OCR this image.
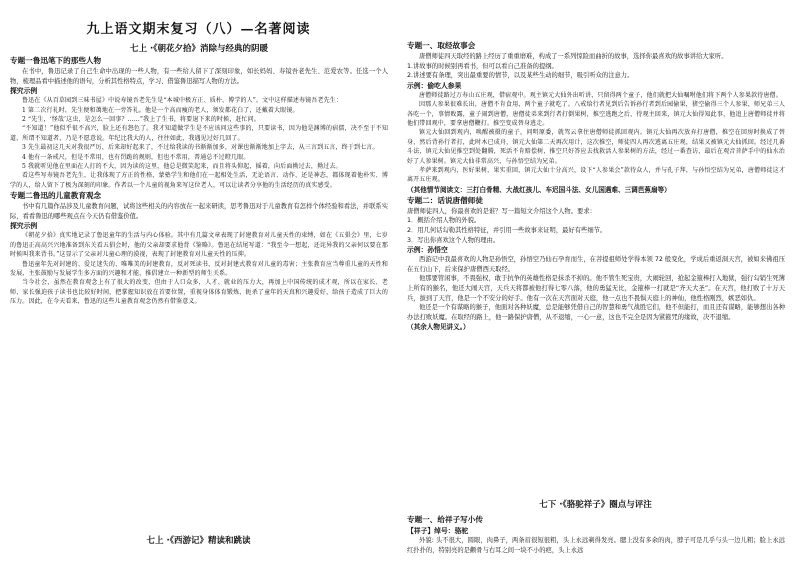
九上语文期末复习（八）—名著阅读
七上 ·《朝花夕拾》消除与经典的阴暖
专题一鲁迅笔下的那些人物

在书中，鲁迅记录了自己生命中出现的一些人物，有一些给人留下了深刻印象，如长妈妈、寿镜吾老先生、范爱农等。任选一个人物，梳理品看中描述他的语句，分析其性格特点，学习、借鉴鲁迅描写人物的方法。

探究示例

鲁迅在《从百草园到三味书屋》中说寿镜吾老先生是“本城中极方正、质朴、博学的人”。文中这样描述寿镜吾老先生：

1 第二次行礼时，先生便和蔼地在一旁答礼。他是一个高而瘦的老人，须发都花白了，还戴着大眼镜。

2 “先生，‘怪哉’这虫，是怎么一回事？……”我上了生书，将要退下来的时候，赶忙问。

“不知道！”他似乎很不高兴，脸上还有怒色了。我才知道做学生是不应该问这些事的，只要读书，因为他是渊博的宿儒，决不至于不知道，所谓不知道者，乃是不愿意说。年纪比我大的人，往往如此，我遇见过好几回了。

3 先生最初这几天对我很严厉，后来却好起来了，不过给我读的书渐渐加多，对课也渐渐地加上字去，从三言到五言，终于到七言。

4 他有一条戒尺，但是不常用，也有罚跪的规则，但也不常用，普通总不过瞪几眼。

5 我就听见他在里面在人打的不大，因为读的这里，他总是微笑起来，而且将头仰起，摇着，向后面拗过去，拗过去。

看这些写寿镜吾老先生，让我体现了方正的性格，蒙塾学生和他们在一起相处生活，无论语言、动作、还是神态，都体现着他朴实、博学的人，给人留下了极为深刻的印象。作者以一个儿童的视角来写这位老人，可以让读者分享他的生活经历的真实感受。

专题二鲁迅的儿童教育观念

书中有几篇作品涉及儿童教育问题，试将这些相关的内容放在一起来研读，思考鲁迅对于儿童教育有怎样个体经验和看法，并联系实际，看看鲁迅的哪些观点在今天仍有借鉴价值。

探究示例

《朝花夕拾》真实地记录了鲁迅童年的生活与内心体验。其中有几篇文章表现了封建教育对儿童天性的束缚，如在《五猖会》里，七岁的鲁迅正高高兴兴地准备到东关看五猖会时，他的父亲却要求他背《鉴略》。鲁迅在结尾写道：“我至今一想起，还诧异我的父亲何以要在那时候叫我来背书。”这显示了父亲对儿童心理的漠视，表现了封建教育对儿童天性的压抑。

鲁迅童年先对封建的、爱足迷失的、唯唯美的封建教育，反对死读书，反对封建式教育对儿童的毒害；主张教育应当尊重儿童的天性和发展，主张鼓励与发展学生多方面的兴趣和才能，推倡建立一种新型的师生关系。

当今社会，虽然在教育观念上有了很大的改变，但由于人口众多，人才、就业的压力大，再加上中国传统的成才观，所以在家长、老师、家长强迫孩子读书也比较好时间，把掌握知识放在首要位置，重视身体体育锻炼，扼杀了童年的天真和兴趣爱好，给孩子造成了巨大的压力。因此，在今天看来，鲁迅的这些儿童教育观念仍然有借鉴意义。

七上 ·《西游记》精读和跳读
专题一、取经故事会

唐僧师徒四天取经的路上经历了重重磨难，构成了一系列惊险而曲折的故事，选择你最喜欢的故事讲给大家听。

1.讲故事的时候别再看书，但可以看自己准备的提纲。

2.讲述要有条理，突出最重要的情节，以及某些生动的细节，吸引听众的注意力。

示例：偷吃人参果

唐僧师徒路过万寿山五庄观，借宿观中。观主镇元大仙外出听讲，只留得两个童子，他们就把大仙嘱咐他们将下两个人参果款待唐僧。

因那人参果很难长出，唐僧不肯食用，两个童子就吃了。八戒给行者见到后告诉孙行者到后园偷果，猪空偷得三个人参果，师兄弟三人各吃一个，事情败露，童子闹到唐僧，唐僧徒弟来到行者打倒果树，推空逃跑之后，待观主回来，镇元大仙得知此事，他追上唐僧师徒并将他们带回观中，要拿唐僧鞭打。推空变成替身逃走。

镇元大仙回到观内，唤醒被摄的童子，问明原委，就驾云拿住唐僧师徒抓回观内。镇元大仙再次放弃打唐僧，推空在回房时换成了替身，然后背孙行者打，此时木已成舟，镇元大仙第二天再次用计，这次推空，师徒四人再次逃离五庄观，结果又被镇元大仙抓回。经过几番斗法，镇元大仙见推空到处翻腾，死活不肯赔偿树，推空只好答应去找救活人参果树的方法，经过一番查访，最后在观音菩萨手中的仙水治好了人参果树。镇元大仙非常高兴，与孙悟空结为兄弟。

孝萨来到观内，医好果树，果实重回，镇元大仙十分高兴，设下“人参果会”款待众人，并与孔子拜，与孙悟空结为兄弟，唐僧师徒这才离开五庄观。

（其他情节阅读文：三打白骨精、大战红孩儿、车迟国斗法、女儿国遇难、三调芭蕉扇等）

专题二：话说唐僧师徒

唐僧师徒四人，你最喜欢的是谁？写一篇短文介绍这个人物。要求：

1．概括介绍人物的外貌。

2．用几何话勾勒其性格特征，并引用一些故事来证明，最好有些细节。

3．写出你喜欢这个人物的理由。

示例：孙悟空

西游记中我最喜欢的人物是孙悟空，孙悟空乃仙石孕育而生，在菩提祖师处学得本领 72 般变化，学成后重返洞天宫，被如来佛祖压在五行山下，后来保护唐僧西天取经。

他那要管闲事，不畏强权，敢于抗争的英雄性格是抹杀不掉的。他不管生死宝贵，大闹轮回，抢起金箍棒打入地狱，强行勾销生死簿上所有的猴名，他还大闹天宫，天兵天将都被他打得七零八落，他的勇猛无比，金箍棒一打就是“齐天大圣”。在天宫，他打败了十万天兵，拔到了天宫，他是一个不安分的好手。他有一次在天宫面对天庭，他一点也不畏惧天庭上的神仙，他性格刚烈，嫉恶如仇。

他还是一个有谋略的猴子，他面对各种妖魔，总是能够凭借自己的智慧和勇气战胜它们，他不但能打，而且还有谋略，能够想出各种办法打败妖魔。在取经的路上，他一路保护唐僧，从不退缩，一心一意，这也不完全是因为紧箍咒的缘故，决不退缩。

（其余人物见讲义。）

七下 ·《骆驼祥子》圈点与评注
专题一、给祥子写小传

【祥子】绰号：骆驼

外貌: 头不很大，圆眼，肉鼻子，两条眉很短很粗，头上永远剃得发亮。腮上没有多余的肉，脖子可是几乎与头一边儿粗；脸上永远红扑扑的，特别亮的是颧骨与右耳之间一块不小的疤，头上永远
